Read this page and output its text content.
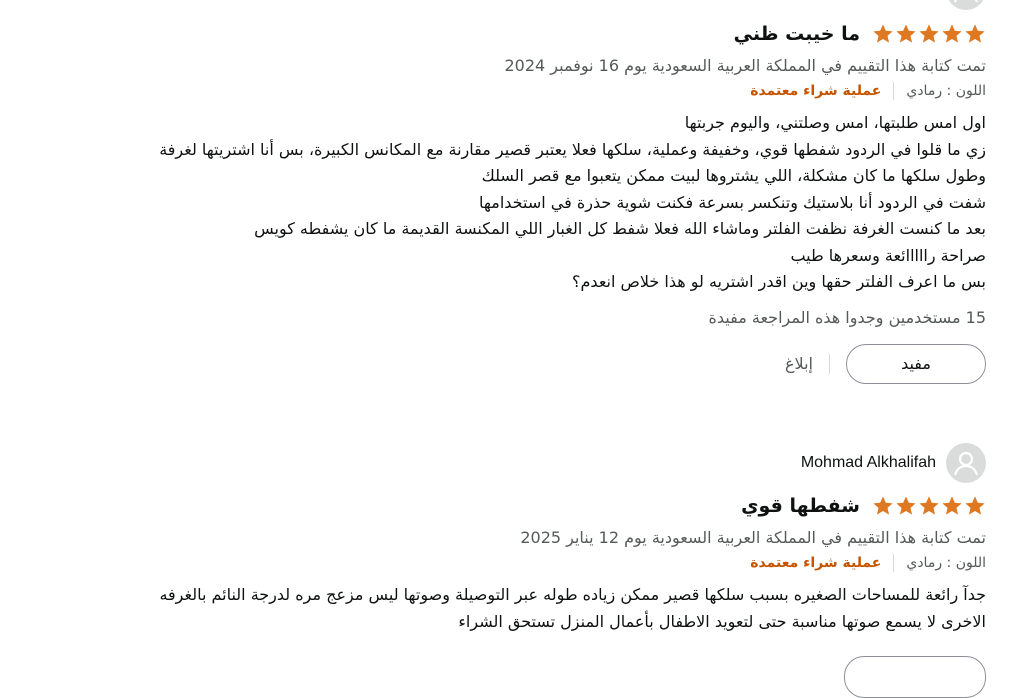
ما خيبت ظني
تمت كتابة هذا التقييم في المملكة العربية السعودية يوم 16 نوفمبر 2024
اللون : رمادي
عملية شراء معتمدة
اول امس طلبتها، امس وصلتني، واليوم جربتها
زي ما قلوا في الردود شفطها قوي، وخفيفة وعملية، سلكها فعلا يعتبر قصير مقارنة مع المكانس الكبيرة، بس أنا اشتريتها لغرفة
وطول سلكها ما كان مشكلة، اللي يشتروها لبيت ممكن يتعبوا مع قصر السلك
شفت في الردود أنا بلاستيك وتنكسر بسرعة فكنت شوية حذرة في استخدامها
بعد ما كنست الغرفة نظفت الفلتر وماشاء الله فعلا شفط كل الغبار اللي المكنسة القديمة ما كان يشفطه كويس
صراحة رااااائعة وسعرها طيب
بس ما اعرف الفلتر حقها وين اقدر اشتريه لو هذا خلاص انعدم؟
15 مستخدمين وجدوا هذه المراجعة مفيدة
مفيد
إبلاغ
Mohmad Alkhalifah
شفطها قوي
تمت كتابة هذا التقييم في المملكة العربية السعودية يوم 12 يناير 2025
اللون : رمادي
عملية شراء معتمدة
جدآ رائعة للمساحات الصغيره بسبب سلكها قصير ممكن زياده طوله عبر التوصيلة وصوتها ليس مزعج مره لدرجة النائم بالغرفه
الاخرى لا يسمع صوتها مناسبة حتى لتعويد الاطفال بأعمال المنزل تستحق الشراء
